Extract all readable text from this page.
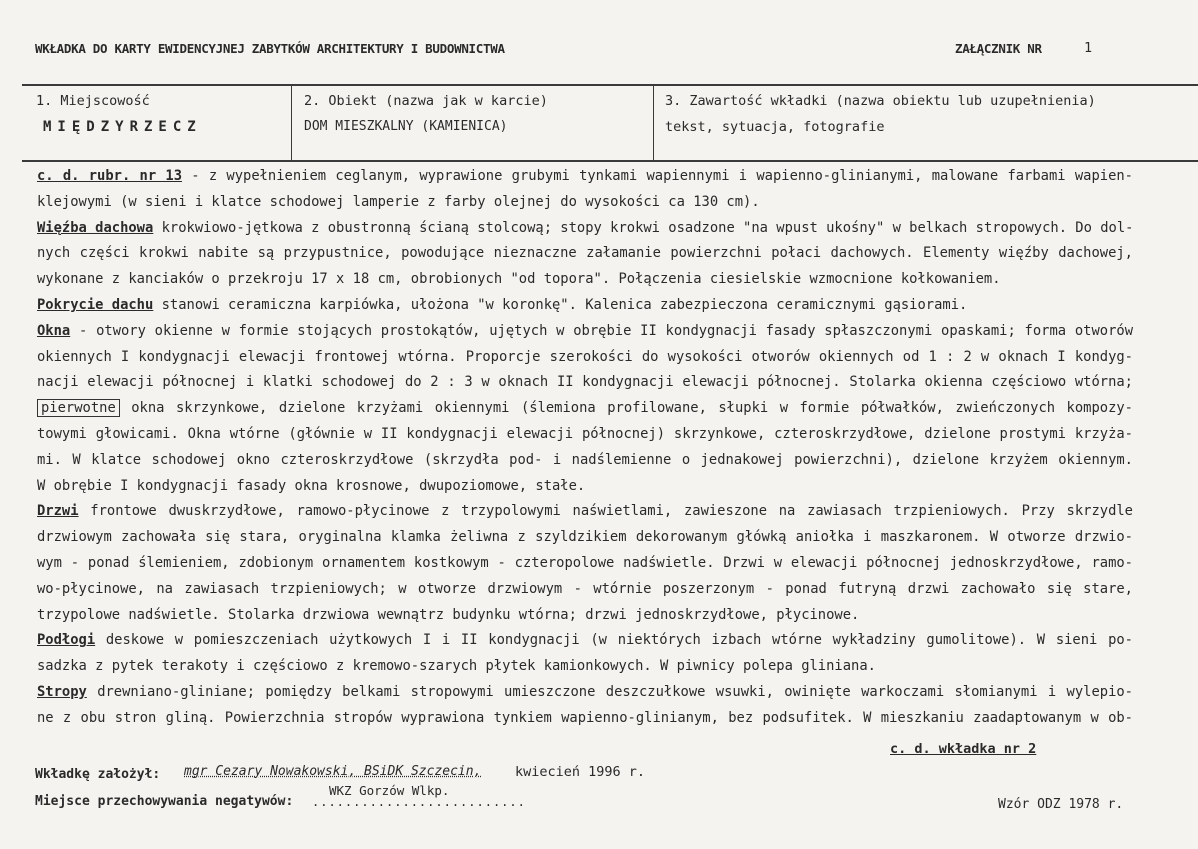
WKŁADKA DO KARTY EWIDENCYJNEJ ZABYTKÓW ARCHITEKTURY I BUDOWNICTWA	ZAŁĄCZNIK NR	1
1. Miejscowość
MIĘDZYRZECZ
2. Obiekt (nazwa jak w karcie)
DOM MIESZKALNY (KAMIENICA)
3. Zawartość wkładki (nazwa obiektu lub uzupełnienia)
tekst, sytuacja, fotografie
c. d. rubr. nr 13 - z wypełnieniem ceglanym, wyprawione grubymi tynkami wapiennymi i wapienno-glinianymi, malowane farbami wapien-
klejowymi (w sieni i klatce schodowej lamperie z farby olejnej do wysokości ca 130 cm).
Więźba dachowa krokwiowo-jętkowa z obustronną ścianą stolcową; stopy krokwi osadzone "na wpust ukośny" w belkach stropowych. Do dol-
nych części krokwi nabite są przypustnice, powodujące nieznaczne załamanie powierzchni połaci dachowych. Elementy więźby dachowej,
wykonane z kanciaków o przekroju 17 x 18 cm, obrobionych "od topora". Połączenia ciesielskie wzmocnione kołkowaniem.
Pokrycie dachu stanowi ceramiczna karpiówka, ułożona "w koronkę". Kalenica zabezpieczona ceramicznymi gąsiorami.
Okna - otwory okienne w formie stojących prostokątów, ujętych w obrębie II kondygnacji fasady spłaszczonymi opaskami; forma otworów
okiennych I kondygnacji elewacji frontowej wtórna. Proporcje szerokości do wysokości otworów okiennych od 1 : 2 w oknach I kondyg-
nacji elewacji północnej i klatki schodowej do 2 : 3 w oknach II kondygnacji elewacji północnej. Stolarka okienna częściowo wtórna;
pierwotne okna skrzynkowe, dzielone krzyżami okiennymi (ślemiona profilowane, słupki w formie półwałków, zwieńczonych kompozy-
towymi głowicami. Okna wtórne (głównie w II kondygnacji elewacji północnej) skrzynkowe, czteroskrzydłowe, dzielone prostymi krzyża-
mi. W klatce schodowej okno czteroskrzydłowe (skrzydła pod- i nadślemienne o jednakowej powierzchni), dzielone krzyżem okiennym.
W obrębie I kondygnacji fasady okna krosnowe, dwupoziomowe, stałe.
Drzwi frontowe dwuskrzydłowe, ramowo-płycinowe z trzypolowymi naświetlami, zawieszone na zawiasach trzpieniowych. Przy skrzydle
drzwiowym zachowała się stara, oryginalna klamka żeliwna z szyldzikiem dekorowanym główką aniołka i maszkaronem. W otworze drzwio-
wym - ponad ślemieniem, zdobionym ornamentem kostkowym - czteropolowe nadświetle. Drzwi w elewacji północnej jednoskrzydłowe, ramo-
wo-płycinowe, na zawiasach trzpieniowych; w otworze drzwiowym - wtórnie poszerzonym - ponad futryną drzwi zachowało się stare,
trzypolowe nadświetle. Stolarka drzwiowa wewnątrz budynku wtórna; drzwi jednoskrzydłowe, płycinowe.
Podłogi deskowe w pomieszczeniach użytkowych I i II kondygnacji (w niektórych izbach wtórne wykładziny gumolitowe). W sieni po-
sadzka z pytek terakoty i częściowo z kremowo-szarych płytek kamionkowych. W piwnicy polepa gliniana.
Stropy drewniano-gliniane; pomiędzy belkami stropowymi umieszczone deszczułkowe wsuwki, owinięte warkoczami słomianymi i wylepio-
ne z obu stron gliną. Powierzchnia stropów wyprawiona tynkiem wapienno-glinianym, bez podsufitek. W mieszkaniu zaadaptowanym w ob-
c. d. wkładka nr 2
Wkładkę założył: mgr Cezary Nowakowski, BSiDK Szczecin, kwiecień 1996 r.
Miejsce przechowywania negatywów:
WKZ Gorzów Wlkp.
..........................	Wzór ODZ 1978 r.
